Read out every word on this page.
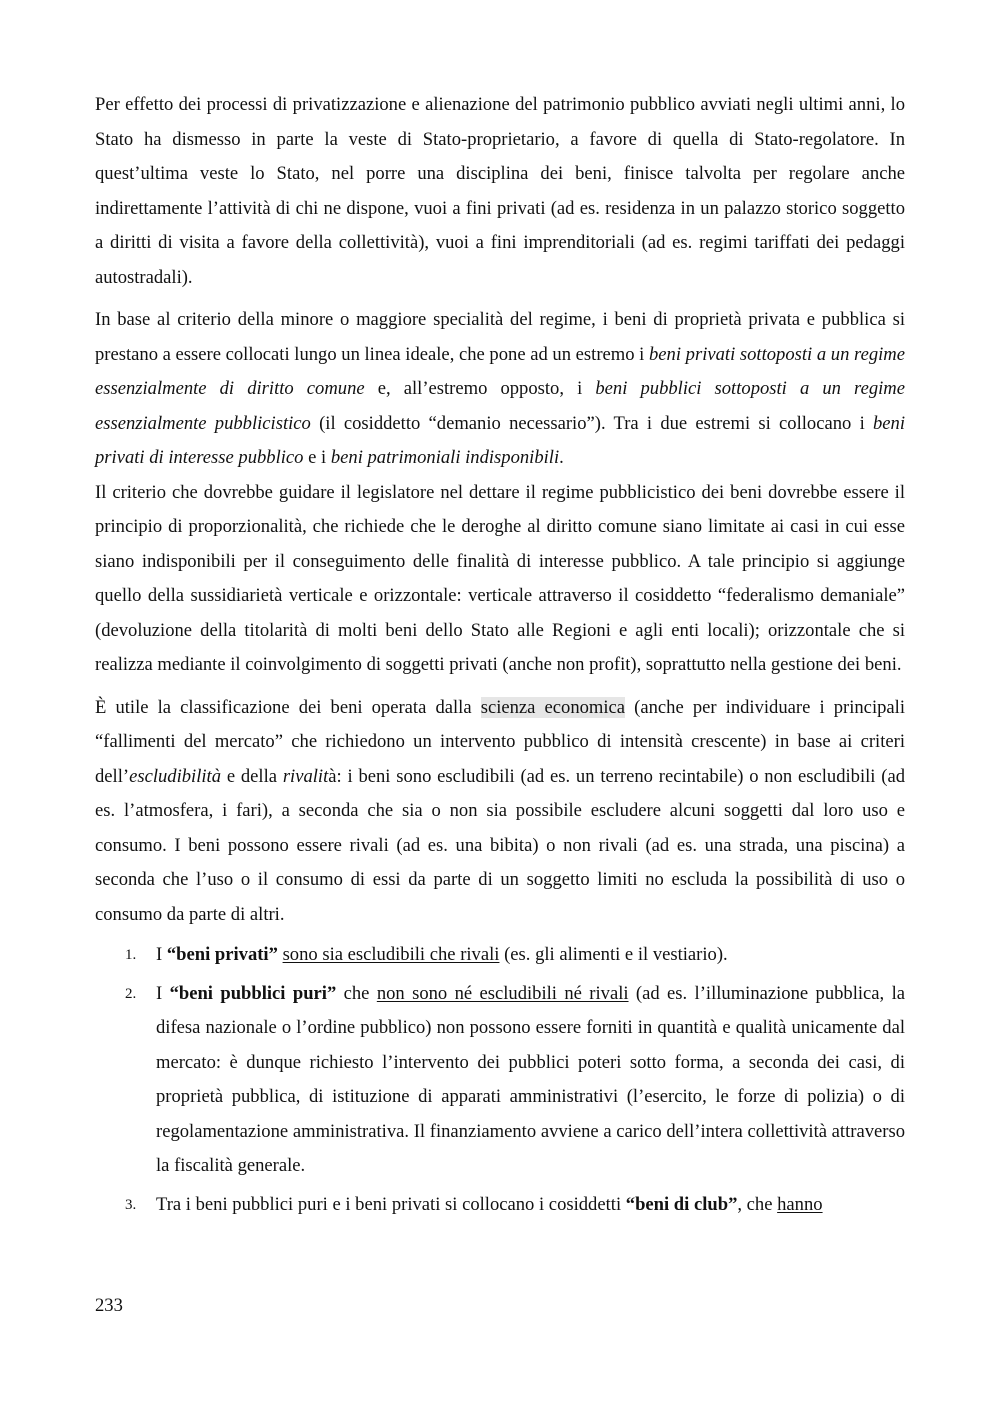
Per effetto dei processi di privatizzazione e alienazione del patrimonio pubblico avviati negli ultimi anni, lo Stato ha dismesso in parte la veste di Stato-proprietario, a favore di quella di Stato-regolatore. In quest’ultima veste lo Stato, nel porre una disciplina dei beni, finisce talvolta per regolare anche indirettamente l’attività di chi ne dispone, vuoi a fini privati (ad es. residenza in un palazzo storico soggetto a diritti di visita a favore della collettività), vuoi a fini imprenditoriali (ad es. regimi tariffati dei pedaggi autostradali).

In base al criterio della minore o maggiore specialità del regime, i beni di proprietà privata e pubblica si prestano a essere collocati lungo un linea ideale, che pone ad un estremo i beni privati sottoposti a un regime essenzialmente di diritto comune e, all’estremo opposto, i beni pubblici sottoposti a un regime essenzialmente pubblicistico (il cosiddetto “demanio necessario”). Tra i due estremi si collocano i beni privati di interesse pubblico e i beni patrimoniali indisponibili.

Il criterio che dovrebbe guidare il legislatore nel dettare il regime pubblicistico dei beni dovrebbe essere il principio di proporzionalità, che richiede che le deroghe al diritto comune siano limitate ai casi in cui esse siano indisponibili per il conseguimento delle finalità di interesse pubblico. A tale principio si aggiunge quello della sussidiarietà verticale e orizzontale: verticale attraverso il cosiddetto “federalismo demaniale” (devoluzione della titolarità di molti beni dello Stato alle Regioni e agli enti locali); orizzontale che si realizza mediante il coinvolgimento di soggetti privati (anche non profit), soprattutto nella gestione dei beni.

È utile la classificazione dei beni operata dalla scienza economica (anche per individuare i principali “fallimenti del mercato” che richiedono un intervento pubblico di intensità crescente) in base ai criteri dell’escludibilità e della rivalità: i beni sono escludibili (ad es. un terreno recintabile) o non escludibili (ad es. l’atmosfera, i fari), a seconda che sia o non sia possibile escludere alcuni soggetti dal loro uso e consumo. I beni possono essere rivali (ad es. una bibita) o non rivali (ad es. una strada, una piscina) a seconda che l’uso o il consumo di essi da parte di un soggetto limiti no escluda la possibilità di uso o consumo da parte di altri.

1. I “beni privati” sono sia escludibili che rivali (es. gli alimenti e il vestiario).
2. I “beni pubblici puri” che non sono né escludibili né rivali (ad es. l’illuminazione pubblica, la difesa nazionale o l’ordine pubblico) non possono essere forniti in quantità e qualità unicamente dal mercato: è dunque richiesto l’intervento dei pubblici poteri sotto forma, a seconda dei casi, di proprietà pubblica, di istituzione di apparati amministrativi (l’esercito, le forze di polizia) o di regolamentazione amministrativa. Il finanziamento avviene a carico dell’intera collettività attraverso la fiscalità generale.
3. Tra i beni pubblici puri e i beni privati si collocano i cosiddetti “beni di club”, che hanno
233
